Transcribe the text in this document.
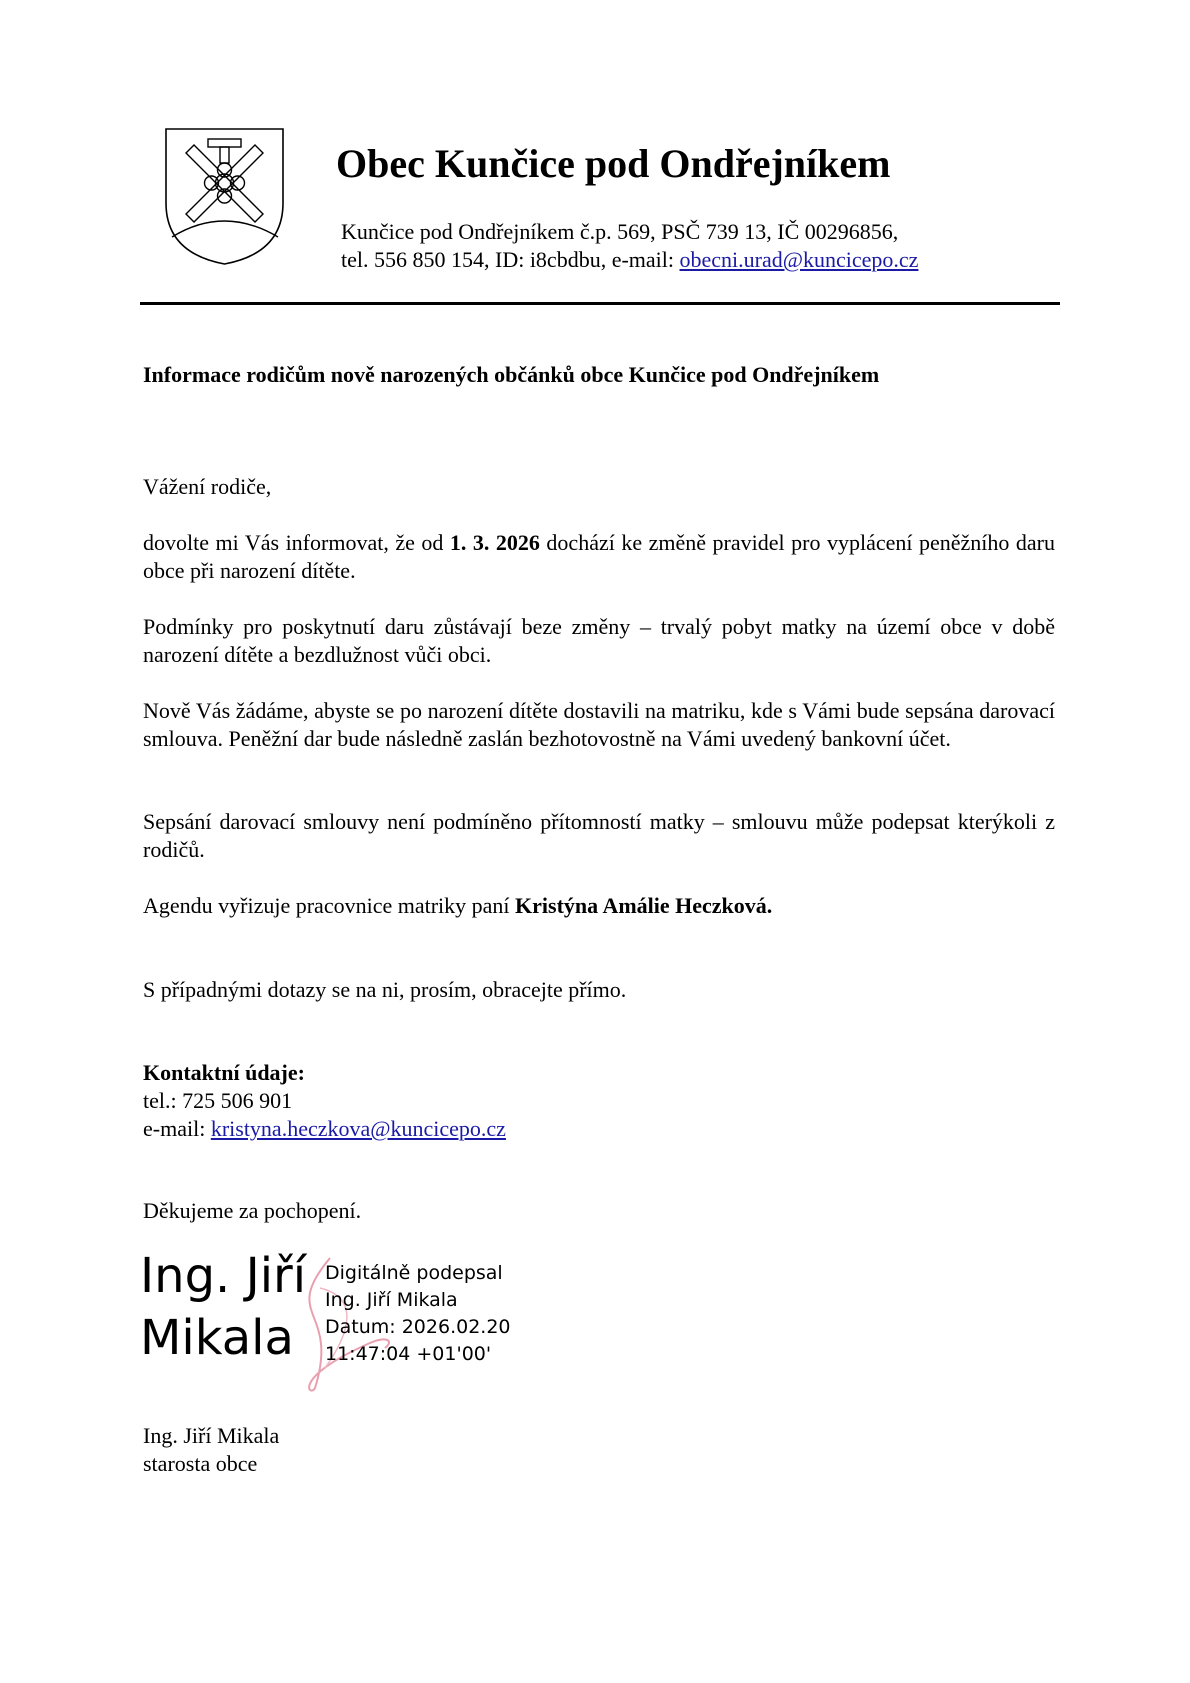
Obec Kunčice pod Ondřejníkem
Kunčice pod Ondřejníkem č.p. 569, PSČ 739 13, IČ 00296856,
tel. 556 850 154, ID: i8cbdbu, e-mail: obecni.urad@kuncicepo.cz
Informace rodičům nově narozených občánků obce Kunčice pod Ondřejníkem
Vážení rodiče,
dovolte mi Vás informovat, že od 1. 3. 2026 dochází ke změně pravidel pro vyplácení peněžního daru obce při narození dítěte.
Podmínky pro poskytnutí daru zůstávají beze změny – trvalý pobyt matky na území obce v době narození dítěte a bezdlužnost vůči obci.
Nově Vás žádáme, abyste se po narození dítěte dostavili na matriku, kde s Vámi bude sepsána darovací smlouva. Peněžní dar bude následně zaslán bezhotovostně na Vámi uvedený bankovní účet.
Sepsání darovací smlouvy není podmíněno přítomností matky – smlouvu může podepsat kterýkoli z rodičů.
Agendu vyřizuje pracovnice matriky paní Kristýna Amálie Heczková.
S případnými dotazy se na ni, prosím, obracejte přímo.
Kontaktní údaje:
tel.: 725 506 901
e-mail: kristyna.heczkova@kuncicepo.cz
Děkujeme za pochopení.
Ing. Jiří
Mikala
Digitálně podepsal
Ing. Jiří Mikala
Datum: 2026.02.20
11:47:04 +01'00'
Ing. Jiří Mikala
starosta obce
